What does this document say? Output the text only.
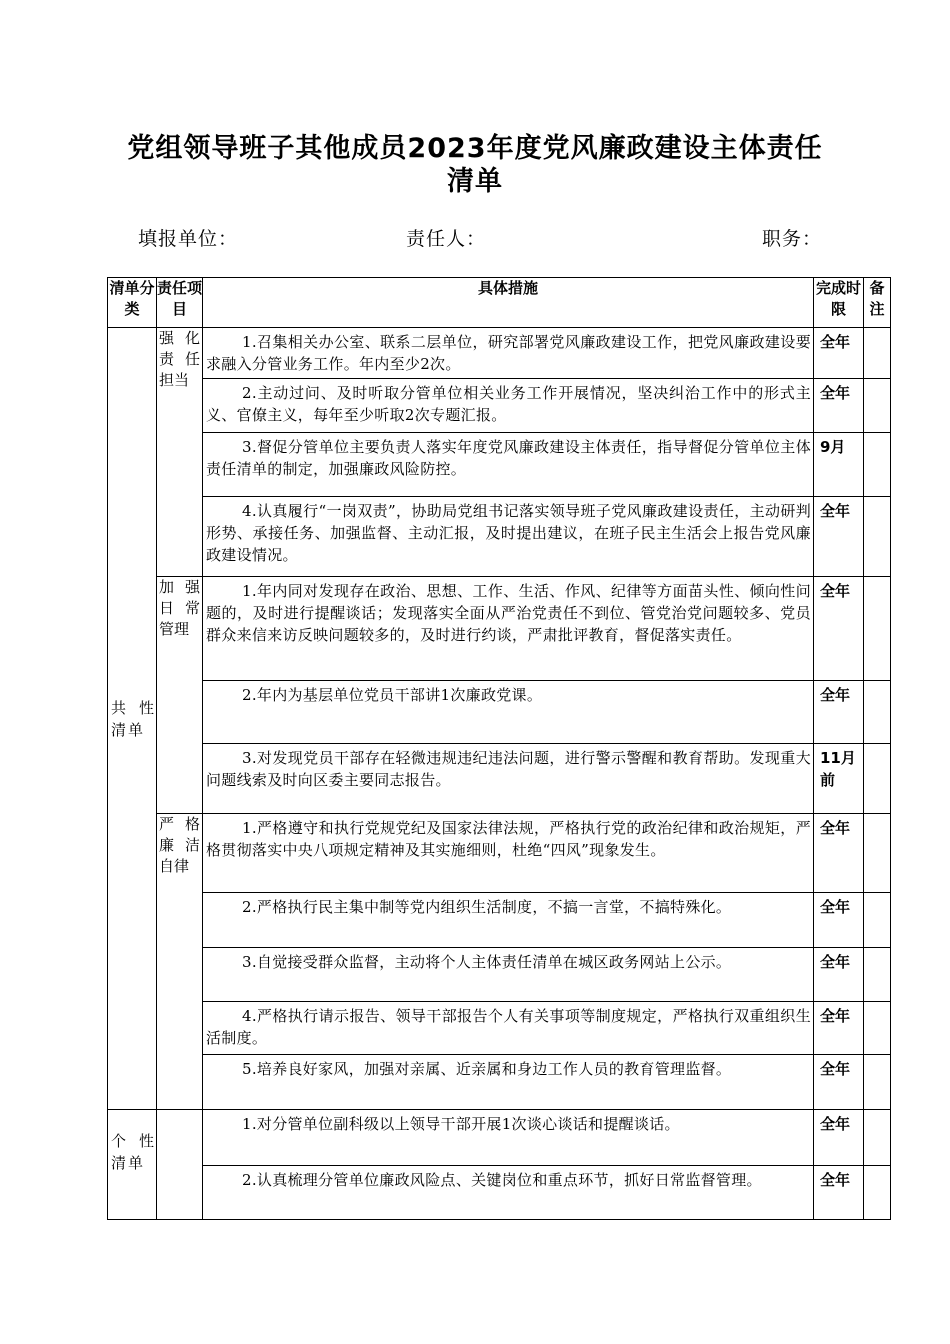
党组领导班子其他成员2023年度党风廉政建设主体责任
清单
填报单位：	责任人：	职务：
清单分类	责任项目	具体措施	完成时限	备注
共 性 清单	强化责任担当	1.召集相关办公室、联系二层单位，研究部署党风廉政建设工作，把党风廉政建设要求融入分管业务工作。年内至少2次。	全年	
		2.主动过问、及时听取分管单位相关业务工作开展情况，坚决纠治工作中的形式主义、官僚主义，每年至少听取2次专题汇报。	全年	
		3.督促分管单位主要负责人落实年度党风廉政建设主体责任，指导督促分管单位主体责任清单的制定，加强廉政风险防控。	9月	
		4.认真履行“一岗双责”，协助局党组书记落实领导班子党风廉政建设责任，主动研判形势、承接任务、加强监督、主动汇报，及时提出建议，在班子民主生活会上报告党风廉政建设情况。	全年	

	加强日常管理	1.年内同对发现存在政治、思想、工作、生活、作风、纪律等方面苗头性、倾向性问题的，及时进行提醒谈话；发现落实全面从严治党责任不到位、管党治党问题较多、党员群众来信来访反映问题较多的，及时进行约谈，严肃批评教育，督促落实责任。	全年	
		2.年内为基层单位党员干部讲1次廉政党课。	全年	
		3.对发现党员干部存在轻微违规违纪违法问题，进行警示警醒和教育帮助。发现重大问题线索及时向区委主要同志报告。	11月前	

	严格廉洁自律	1.严格遵守和执行党规党纪及国家法律法规，严格执行党的政治纪律和政治规矩，严格贯彻落实中央八项规定精神及其实施细则，杜绝“四风”现象发生。	全年	
		2.严格执行民主集中制等党内组织生活制度，不搞一言堂，不搞特殊化。	全年	
		3.自觉接受群众监督，主动将个人主体责任清单在城区政务网站上公示。	全年	
		4.严格执行请示报告、领导干部报告个人有关事项等制度规定，严格执行双重组织生活制度。	全年	
		5.培养良好家风，加强对亲属、近亲属和身边工作人员的教育管理监督。	全年	
个 性 清单		1.对分管单位副科级以上领导干部开展1次谈心谈话和提醒谈话。	全年	
		2.认真梳理分管单位廉政风险点、关键岗位和重点环节，抓好日常监督管理。	全年	
